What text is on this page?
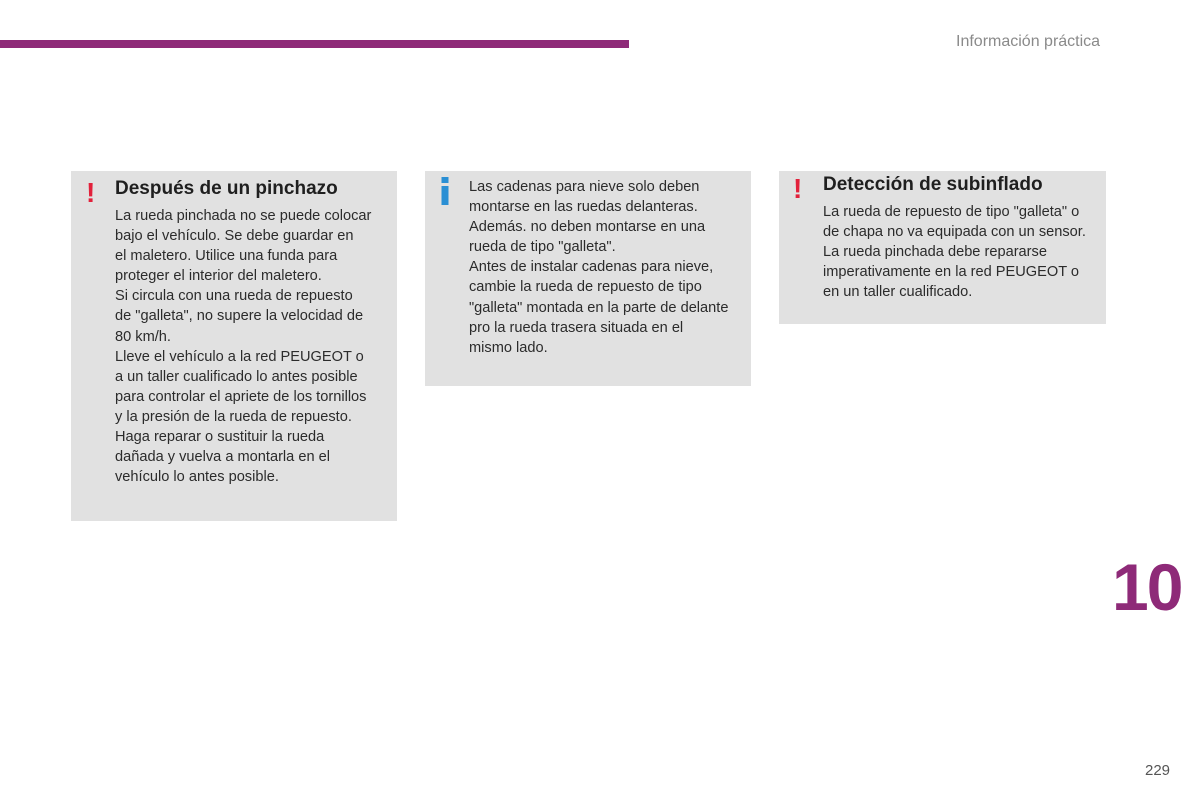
Información práctica
! Después de un pinchazo
La rueda pinchada no se puede colocar
bajo el vehículo. Se debe guardar en
el maletero. Utilice una funda para
proteger el interior del maletero.
Si circula con una rueda de repuesto
de "galleta", no supere la velocidad de
80 km/h.
Lleve el vehículo a la red PEUGEOT o
a un taller cualificado lo antes posible
para controlar el apriete de los tornillos
y la presión de la rueda de repuesto.
Haga reparar o sustituir la rueda
dañada y vuelva a montarla en el
vehículo lo antes posible.
Las cadenas para nieve solo deben
montarse en las ruedas delanteras.
Además. no deben montarse en una
rueda de tipo "galleta".
Antes de instalar cadenas para nieve,
cambie la rueda de repuesto de tipo
"galleta" montada en la parte de delante
pro la rueda trasera situada en el
mismo lado.
! Detección de subinflado
La rueda de repuesto de tipo "galleta" o
de chapa no va equipada con un sensor.
La rueda pinchada debe repararse
imperativamente en la red PEUGEOT o
en un taller cualificado.
10
229
